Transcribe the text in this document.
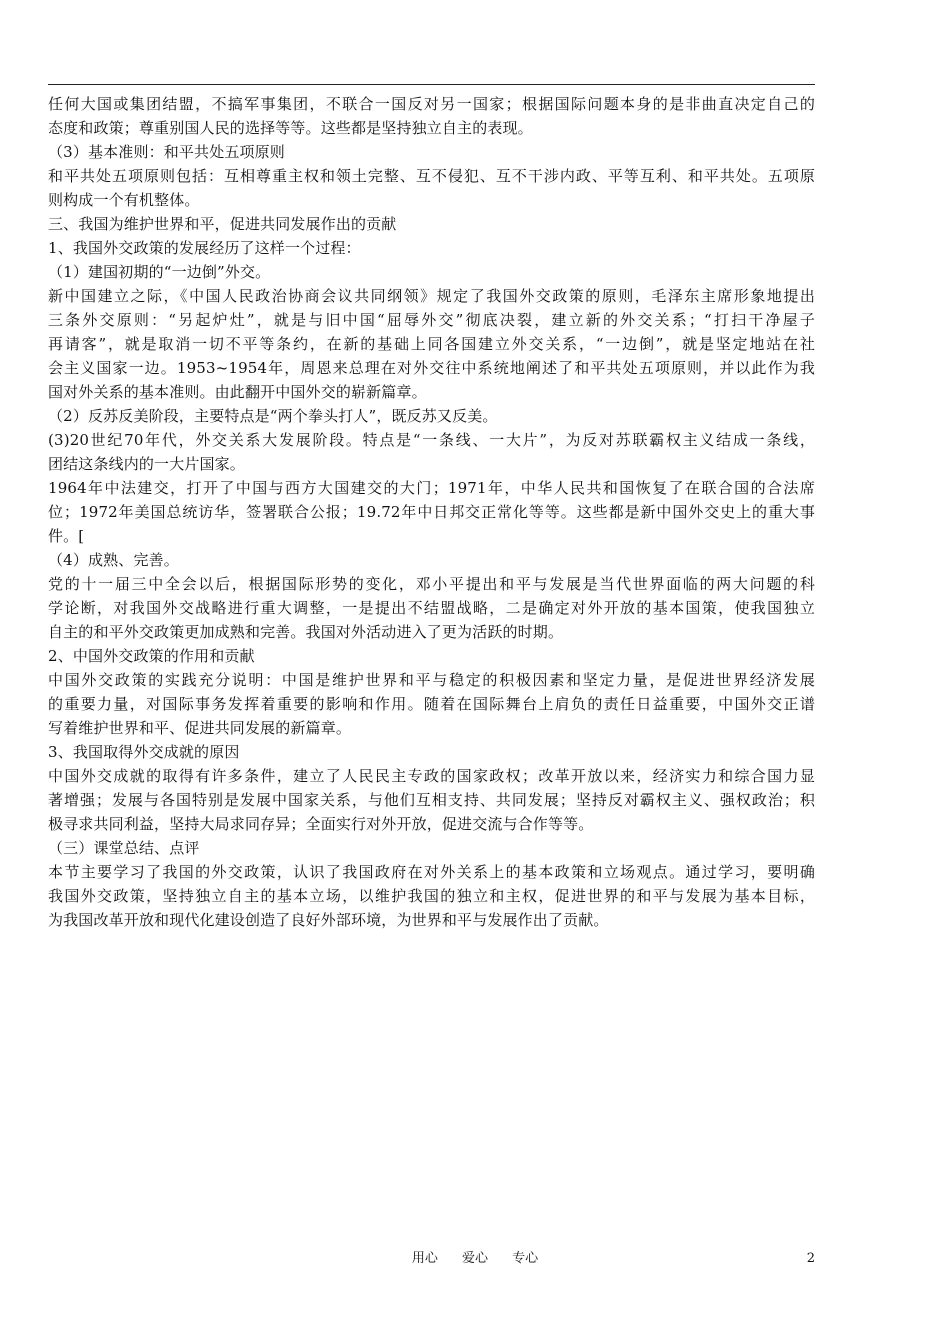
任何大国或集团结盟，不搞军事集团，不联合一国反对另一国家；根据国际问题本身的是非曲直决定自己的
态度和政策；尊重别国人民的选择等等。这些都是坚持独立自主的表现。
（3）基本准则：和平共处五项原则
和平共处五项原则包括：互相尊重主权和领土完整、互不侵犯、互不干涉内政、平等互利、和平共处。五项原
则构成一个有机整体。
三、我国为维护世界和平，促进共同发展作出的贡献
1、我国外交政策的发展经历了这样一个过程：
（1）建国初期的“一边倒”外交。
新中国建立之际，《中国人民政治协商会议共同纲领》规定了我国外交政策的原则，毛泽东主席形象地提出
三条外交原则：“另起炉灶”，就是与旧中国“屈辱外交”彻底决裂，建立新的外交关系；“打扫干净屋子
再请客”，就是取消一切不平等条约，在新的基础上同各国建立外交关系，“一边倒”，就是坚定地站在社
会主义国家一边。1953~1954年，周恩来总理在对外交往中系统地阐述了和平共处五项原则，并以此作为我
国对外关系的基本准则。由此翻开中国外交的崭新篇章。
（2）反苏反美阶段，主要特点是“两个拳头打人”，既反苏又反美。
(3)20世纪70年代，外交关系大发展阶段。特点是“一条线、一大片”，为反对苏联霸权主义结成一条线，
团结这条线内的一大片国家。
1964年中法建交，打开了中国与西方大国建交的大门；1971年，中华人民共和国恢复了在联合国的合法席
位；1972年美国总统访华，签署联合公报；19.72年中日邦交正常化等等。这些都是新中国外交史上的重大事
件。[
（4）成熟、完善。
党的十一届三中全会以后，根据国际形势的变化，邓小平提出和平与发展是当代世界面临的两大问题的科
学论断，对我国外交战略进行重大调整，一是提出不结盟战略，二是确定对外开放的基本国策，使我国独立
自主的和平外交政策更加成熟和完善。我国对外活动进入了更为活跃的时期。
2、中国外交政策的作用和贡献
中国外交政策的实践充分说明：中国是维护世界和平与稳定的积极因素和坚定力量，是促进世界经济发展
的重要力量，对国际事务发挥着重要的影响和作用。随着在国际舞台上肩负的责任日益重要，中国外交正谱
写着维护世界和平、促进共同发展的新篇章。
3、我国取得外交成就的原因
中国外交成就的取得有许多条件，建立了人民民主专政的国家政权；改革开放以来，经济实力和综合国力显
著增强；发展与各国特别是发展中国家关系，与他们互相支持、共同发展；坚持反对霸权主义、强权政治；积
极寻求共同利益，坚持大局求同存异；全面实行对外开放，促进交流与合作等等。
（三）课堂总结、点评
本节主要学习了我国的外交政策，认识了我国政府在对外关系上的基本政策和立场观点。通过学习，要明确
我国外交政策，坚持独立自主的基本立场，以维护我国的独立和主权，促进世界的和平与发展为基本目标，
为我国改革开放和现代化建设创造了良好外部环境，为世界和平与发展作出了贡献。
用心 爱心 专心	2
